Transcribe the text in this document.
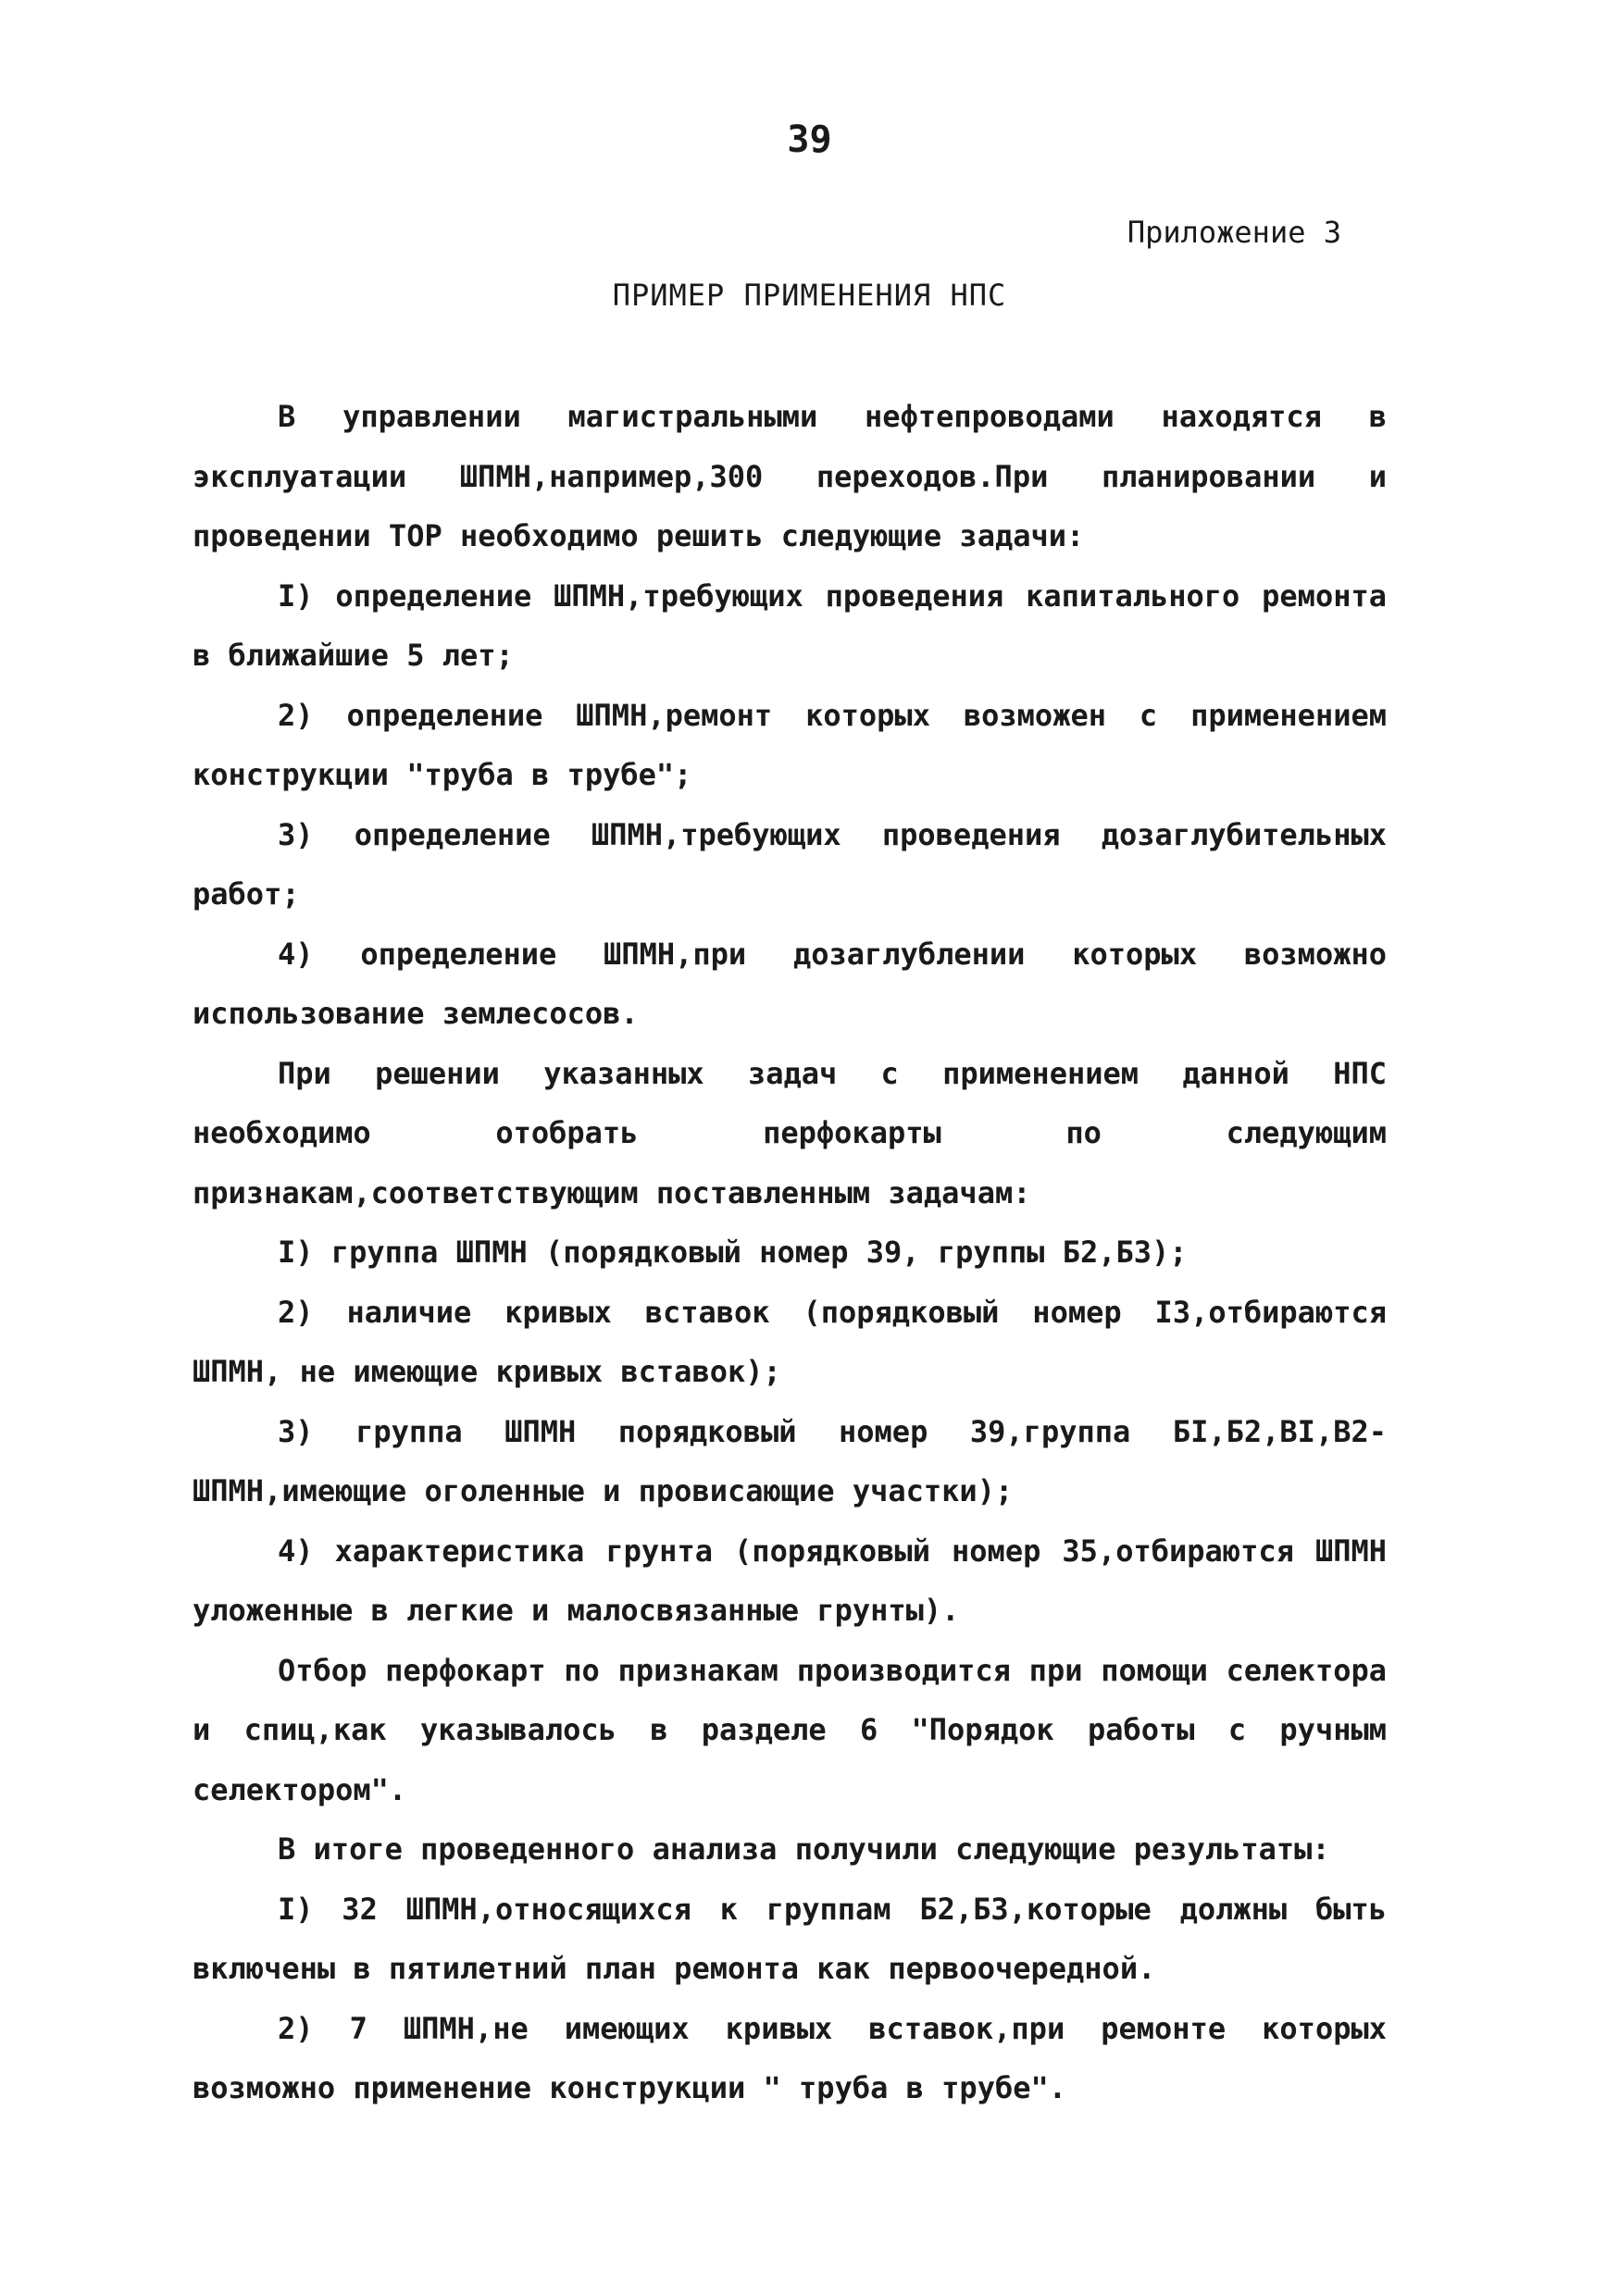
39
Приложение 3
ПРИМЕР ПРИМЕНЕНИЯ НПС

В управлении магистральными нефтепроводами находятся в эксплуатации ШПМН,например,300 переходов.При планировании и проведении ТОР необходимо решить следующие задачи:

I) определение ШПМН,требующих проведения капитального ремонта в ближайшие 5 лет;

2) определение ШПМН,ремонт которых возможен с применением конструкции "труба в трубе";

3) определение ШПМН,требующих проведения дозаглубительных работ;

4) определение ШПМН,при дозаглублении которых возможно использование землесосов.

При решении указанных задач с применением данной НПС необходимо отобрать перфокарты по следующим признакам,соответствующим поставленным задачам:

I) группа ШПМН (порядковый номер 39, группы Б2,Б3);

2) наличие кривых вставок (порядковый номер I3,отбираются ШПМН, не имеющие кривых вставок);

3) группа ШПМН порядковый номер 39,группа БI,Б2,ВI,В2-ШПМН,имеющие оголенные и провисающие участки);

4) характеристика грунта (порядковый номер 35,отбираются ШПМН уложенные в легкие и малосвязанные грунты).

Отбор перфокарт по признакам производится при помощи селектора и спиц,как указывалось в разделе 6 "Порядок работы с ручным селектором".

В итоге проведенного анализа получили следующие результаты:

I) 32 ШПМН,относящихся к группам Б2,Б3,которые должны быть включены в пятилетний план ремонта как первоочередной.

2) 7 ШПМН,не имеющих кривых вставок,при ремонте которых возможно применение конструкции " труба в трубе".
